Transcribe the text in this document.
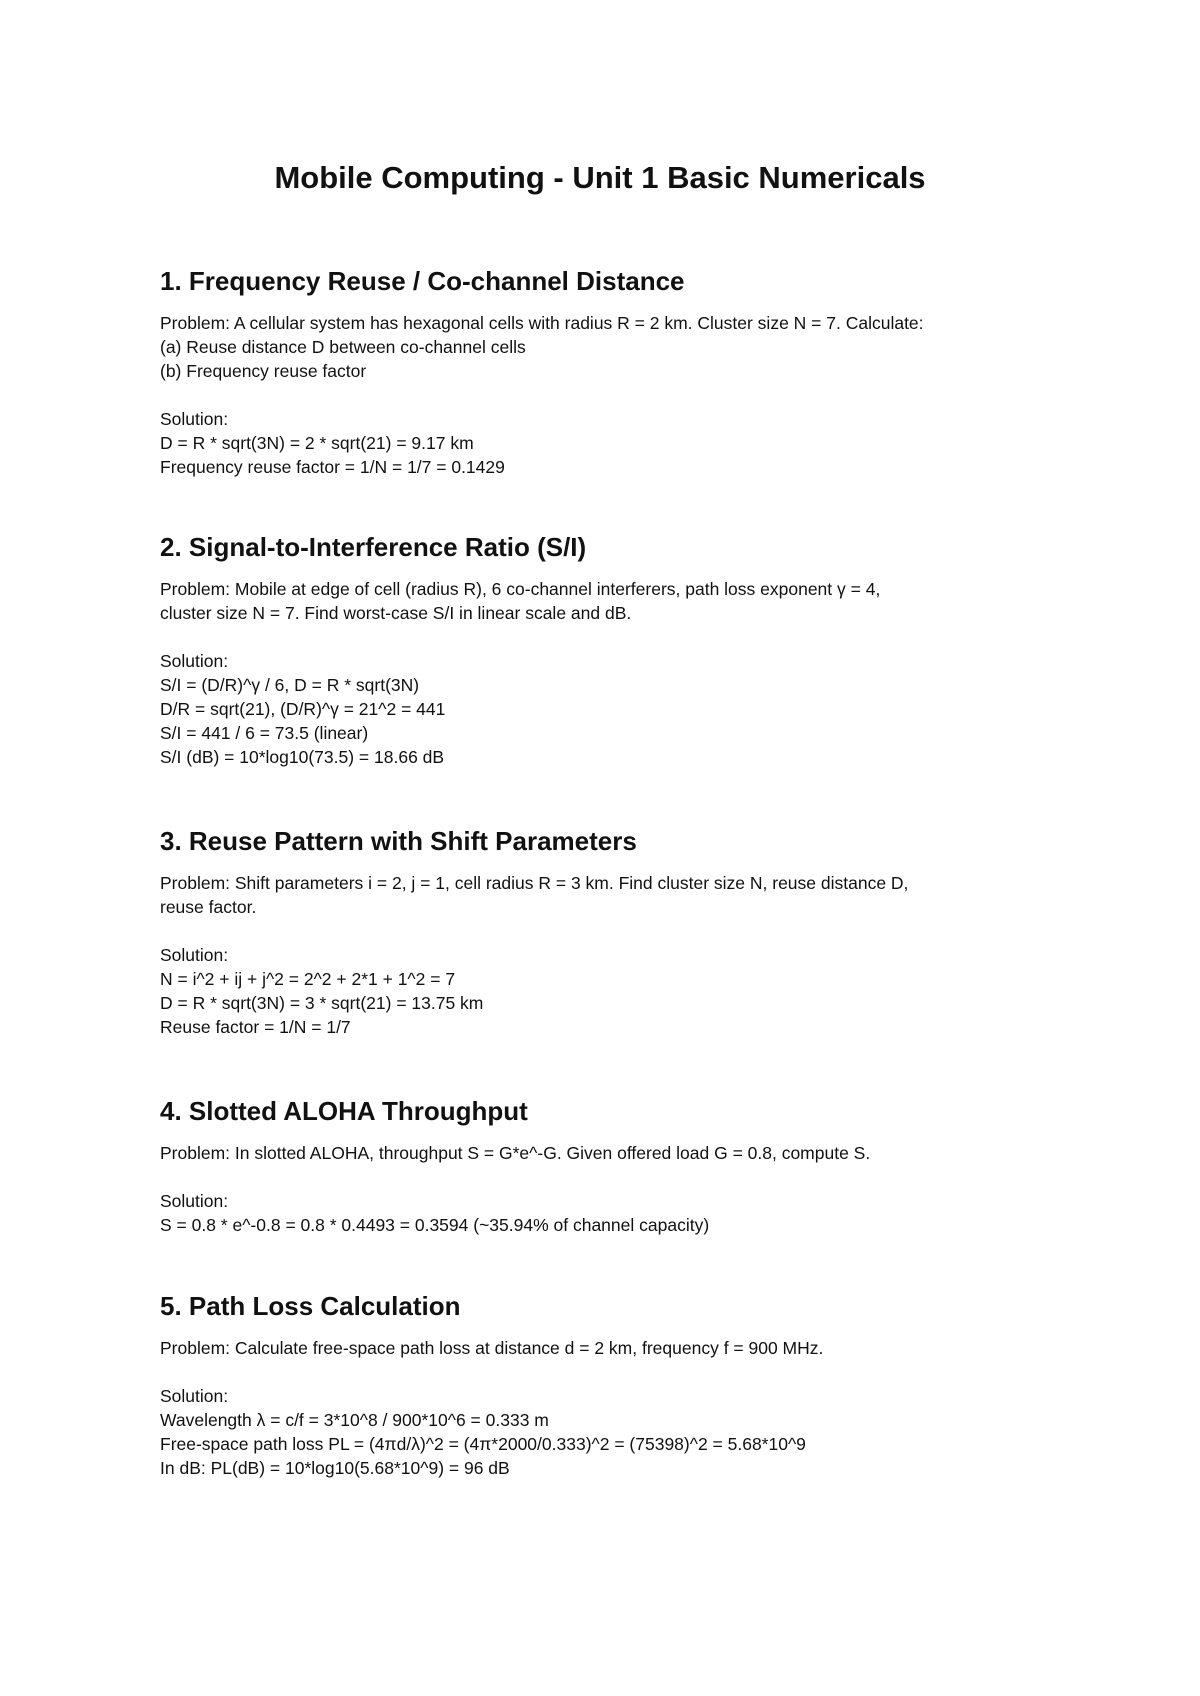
Mobile Computing - Unit 1 Basic Numericals
1. Frequency Reuse / Co-channel Distance

Problem: A cellular system has hexagonal cells with radius R = 2 km. Cluster size N = 7. Calculate:

(a) Reuse distance D between co-channel cells

(b) Frequency reuse factor

Solution:

D = R * sqrt(3N) = 2 * sqrt(21) = 9.17 km

Frequency reuse factor = 1/N = 1/7 = 0.1429

2. Signal-to-Interference Ratio (S/I)

Problem: Mobile at edge of cell (radius R), 6 co-channel interferers, path loss exponent γ = 4,

cluster size N = 7. Find worst-case S/I in linear scale and dB.

Solution:

S/I = (D/R)^γ / 6, D = R * sqrt(3N)

D/R = sqrt(21), (D/R)^γ = 21^2 = 441

S/I = 441 / 6 = 73.5 (linear)

S/I (dB) = 10*log10(73.5) = 18.66 dB

3. Reuse Pattern with Shift Parameters

Problem: Shift parameters i = 2, j = 1, cell radius R = 3 km. Find cluster size N, reuse distance D,

reuse factor.

Solution:

N = i^2 + ij + j^2 = 2^2 + 2*1 + 1^2 = 7

D = R * sqrt(3N) = 3 * sqrt(21) = 13.75 km

Reuse factor = 1/N = 1/7

4. Slotted ALOHA Throughput

Problem: In slotted ALOHA, throughput S = G*e^-G. Given offered load G = 0.8, compute S.

Solution:

S = 0.8 * e^-0.8 = 0.8 * 0.4493 = 0.3594 (~35.94% of channel capacity)

5. Path Loss Calculation

Problem: Calculate free-space path loss at distance d = 2 km, frequency f = 900 MHz.

Solution:

Wavelength λ = c/f = 3*10^8 / 900*10^6 = 0.333 m

Free-space path loss PL = (4πd/λ)^2 = (4π*2000/0.333)^2 = (75398)^2 = 5.68*10^9

In dB: PL(dB) = 10*log10(5.68*10^9) = 96 dB
